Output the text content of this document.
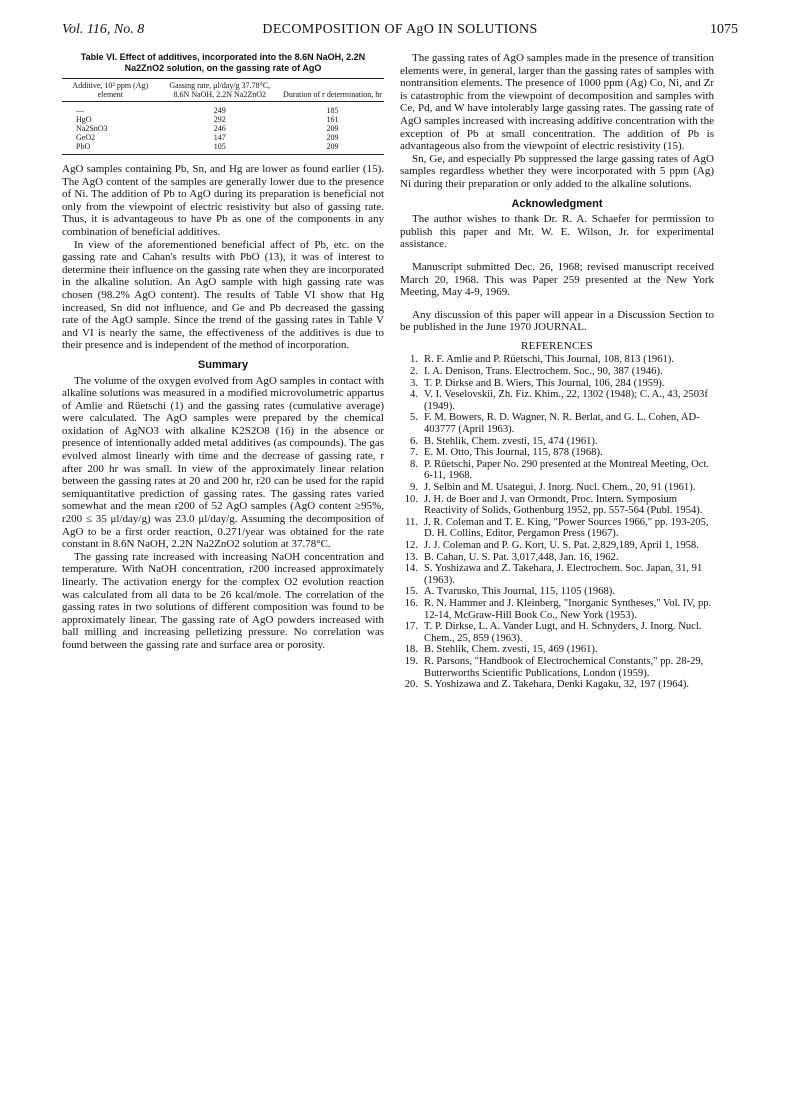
Vol. 116, No. 8	DECOMPOSITION OF AgO IN SOLUTIONS	1075
Table VI. Effect of additives, incorporated into the 8.6N NaOH, 2.2N Na2ZnO2 solution, on the gassing rate of AgO
Additive, 10³ ppm (Ag) element	Gassing rate, μl/day/g 37.78°C, 8.6N NaOH, 2.2N Na2ZnO2	Duration of r determination, hr
—	249	185
HgO	292	161
Na2SnO3	246	209
GeO2	147	209
PbO	105	209

AgO samples containing Pb, Sn, and Hg are lower as found earlier (15). The AgO content of the samples are generally lower due to the presence of Ni. The addition of Pb to AgO during its preparation is beneficial not only from the viewpoint of electric resistivity but also of gassing rate. Thus, it is advantageous to have Pb as one of the components in any combination of beneficial additives.

In view of the aforementioned beneficial affect of Pb, etc. on the gassing rate and Cahan's results with PbO (13), it was of interest to determine their influence on the gassing rate when they are incorporated in the alkaline solution. An AgO sample with high gassing rate was chosen (98.2% AgO content). The results of Table VI show that Hg increased, Sn did not influence, and Ge and Pb decreased the gassing rate of the AgO sample. Since the trend of the gassing rates in Table V and VI is nearly the same, the effectiveness of the additives is due to their presence and is independent of the method of incorporation.

Summary

The volume of the oxygen evolved from AgO samples in contact with alkaline solutions was measured in a modified microvolumetric appartus of Amlie and Rüetschi (1) and the gassing rates (cumulative average) were calculated. The AgO samples were prepared by the chemical oxidation of AgNO3 with alkaline K2S2O8 (16) in the absence or presence of intentionally added metal additives (as compounds). The gas evolved almost linearly with time and the decrease of gassing rate, r after 200 hr was small. In view of the approximately linear relation between the gassing rates at 20 and 200 hr, r20 can be used for the rapid semiquantitative prediction of gassing rates. The gassing rates varied somewhat and the mean r200 of 52 AgO samples (AgO content ≥95%, r200 ≤ 35 μl/day/g) was 23.0 μl/day/g. Assuming the decomposition of AgO to be a first order reaction, 0.271/year was obtained for the rate constant in 8.6N NaOH, 2.2N Na2ZnO2 solution at 37.78°C.

The gassing rate increased with increasing NaOH concentration and temperature. With NaOH concentration, r200 increased approximately linearly. The activation energy for the complex O2 evolution reaction was calculated from all data to be 26 kcal/mole. The correlation of the gassing rates in two solutions of different composition was found to be approximately linear. The gassing rate of AgO powders increased with ball milling and increasing pelletizing pressure. No correlation was found between the gassing rate and surface area or porosity.

The gassing rates of AgO samples made in the presence of transition elements were, in general, larger than the gassing rates of samples with nontransition elements. The presence of 1000 ppm (Ag) Co, Ni, and Zr is catastrophic from the viewpoint of decomposition and samples with Ce, Pd, and W have intolerably large gassing rates. The gassing rate of AgO samples increased with increasing additive concentration with the exception of Pb at small concentration. The addition of Pb is advantageous also from the viewpoint of electric resistivity (15).

Sn, Ge, and especially Pb suppressed the large gassing rates of AgO samples regardless whether they were incorporated with 5 ppm (Ag) Ni during their preparation or only added to the alkaline solutions.

Acknowledgment

The author wishes to thank Dr. R. A. Schaefer for permission to publish this paper and Mr. W. E. Wilson, Jr. for experimental assistance.

Manuscript submitted Dec. 26, 1968; revised manuscript received March 20, 1968. This was Paper 259 presented at the New York Meeting, May 4-9, 1969.

Any discussion of this paper will appear in a Discussion Section to be published in the June 1970 JOURNAL.

REFERENCES
1. R. F. Amlie and P. Rüetschi, This Journal, 108, 813 (1961).
2. I. A. Denison, Trans. Electrochem. Soc., 90, 387 (1946).
3. T. P. Dirkse and B. Wiers, This Journal, 106, 284 (1959).
4. V. I. Veselovskii, Zh. Fiz. Khim., 22, 1302 (1948); C. A., 43, 2503f (1949).
5. F. M. Bowers, R. D. Wagner, N. R. Berlat, and G. L. Cohen, AD-403777 (April 1963).
6. B. Stehlik, Chem. zvesti, 15, 474 (1961).
7. E. M. Otto, This Journal, 115, 878 (1968).
8. P. Rüetschi, Paper No. 290 presented at the Montreal Meeting, Oct. 6-11, 1968.
9. J. Selbin and M. Usategui, J. Inorg. Nucl. Chem., 20, 91 (1961).
10. J. H. de Boer and J. van Ormondt, Proc. Intern. Symposium Reactivity of Solids, Gothenburg 1952, pp. 557-564 (Publ. 1954).
11. J. R. Coleman and T. E. King, "Power Sources 1966," pp. 193-205, D. H. Collins, Editor, Pergamon Press (1967).
12. J. J. Coleman and P. G. Kort, U. S. Pat. 2,829,189, April 1, 1958.
13. B. Cahan, U. S. Pat. 3,017,448, Jan. 16, 1962.
14. S. Yoshizawa and Z. Takehara, J. Electrochem. Soc. Japan, 31, 91 (1963).
15. A. Tvarusko, This Journal, 115, 1105 (1968).
16. R. N. Hammer and J. Kleinberg, "Inorganic Syntheses," Vol. IV, pp. 12-14, McGraw-Hill Book Co., New York (1953).
17. T. P. Dirkse, L. A. Vander Lugt, and H. Schnyders, J. Inorg. Nucl. Chem., 25, 859 (1963).
18. B. Stehlik, Chem. zvesti, 15, 469 (1961).
19. R. Parsons, "Handbook of Electrochemical Constants," pp. 28-29, Butterworths Scientific Publications, London (1959).
20. S. Yoshizawa and Z. Takehara, Denki Kagaku, 32, 197 (1964).
